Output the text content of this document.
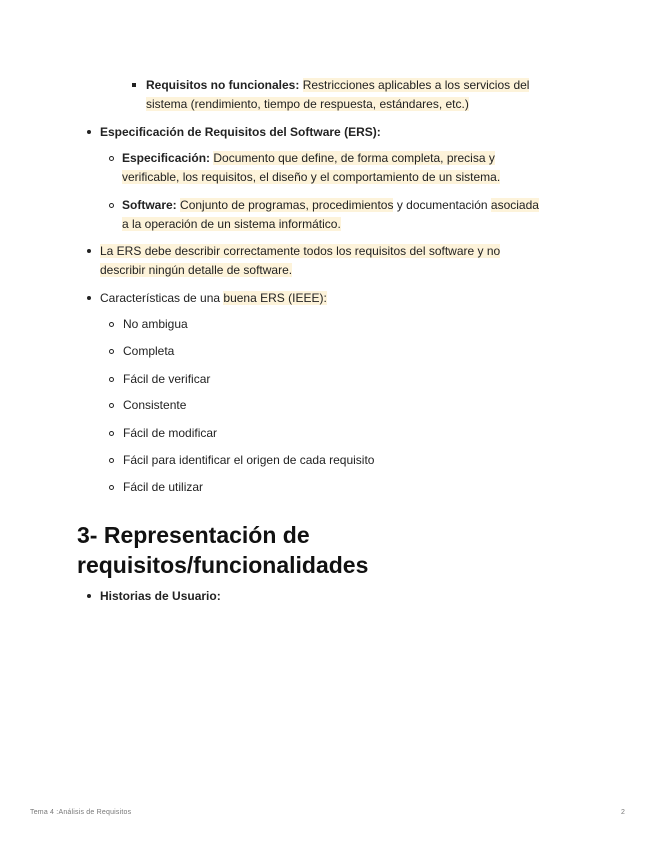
Requisitos no funcionales: Restricciones aplicables a los servicios del
sistema (rendimiento, tiempo de respuesta, estándares, etc.)
Especificación de Requisitos del Software (ERS):
Especificación: Documento que define, de forma completa, precisa y
verificable, los requisitos, el diseño y el comportamiento de un sistema.
Software: Conjunto de programas, procedimientos y documentación asociada
a la operación de un sistema informático.
La ERS debe describir correctamente todos los requisitos del software y no
describir ningún detalle de software.
Características de una buena ERS (IEEE):
No ambigua
Completa
Fácil de verificar
Consistente
Fácil de modificar
Fácil para identificar el origen de cada requisito
Fácil de utilizar
3- Representación de
requisitos/funcionalidades
Historias de Usuario:
Tema 4 :Análisis de Requisitos	2
